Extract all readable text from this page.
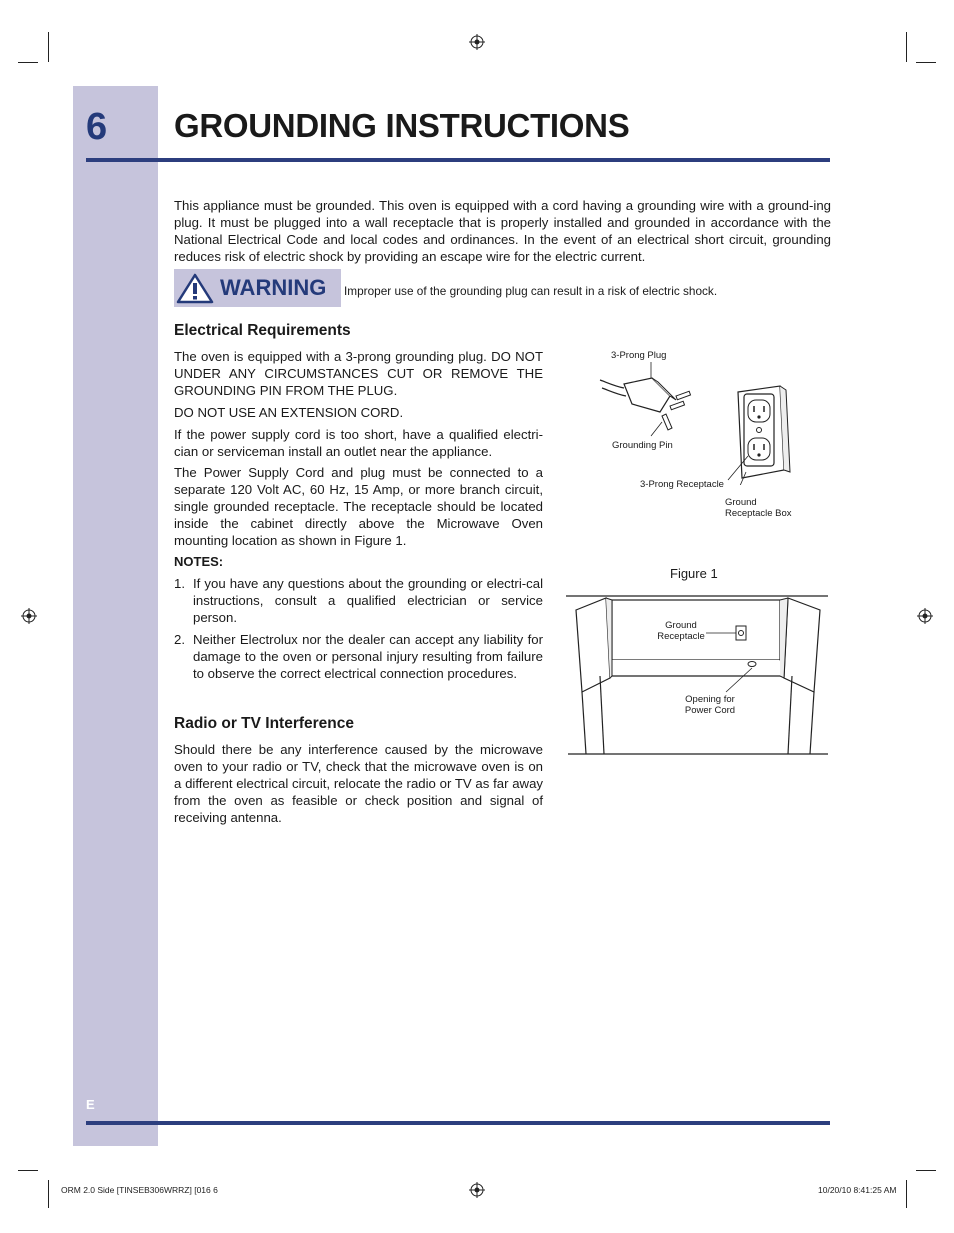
6 GROUNDING INSTRUCTIONS
E

This appliance must be grounded. This oven is equipped with a cord having a grounding wire with a ground-ing plug. It must be plugged into a wall receptacle that is properly installed and grounded in accordance with the National Electrical Code and local codes and ordinances. In the event of an electrical short circuit, grounding reduces risk of electric shock by providing an escape wire for the electric current.

WARNING Improper use of the grounding plug can result in a risk of electric shock.
Electrical Requirements

The oven is equipped with a 3-prong grounding plug. DO NOT UNDER ANY CIRCUMSTANCES CUT OR REMOVE THE GROUNDING PIN FROM THE PLUG.

DO NOT USE AN EXTENSION CORD.

If the power supply cord is too short, have a qualified electri-cian or serviceman install an outlet near the appliance.

The Power Supply Cord and plug must be connected to a separate 120 Volt AC, 60 Hz, 15 Amp, or more branch circuit, single grounded receptacle. The receptacle should be located inside the cabinet directly above the Microwave Oven mounting location as shown in Figure 1.

NOTES:
1. If you have any questions about the grounding or electri-cal instructions, consult a qualified electrician or service person.
2. Neither Electrolux nor the dealer can accept any liability for damage to the oven or personal injury resulting from failure to observe the correct electrical connection procedures.
Radio or TV Interference

Should there be any interference caused by the microwave oven to your radio or TV, check that the microwave oven is on a different electrical circuit, relocate the radio or TV as far away from the oven as feasible or check position and signal of receiving antenna.

3-Prong Plug
Grounding Pin
3-Prong Receptacle
Ground
Receptacle Box
Figure 1
Ground
Receptacle
Opening for
Power Cord
ORM 2.0 Side [TINSEB306WRRZ] [016 6	10/20/10 8:41:25 AM
